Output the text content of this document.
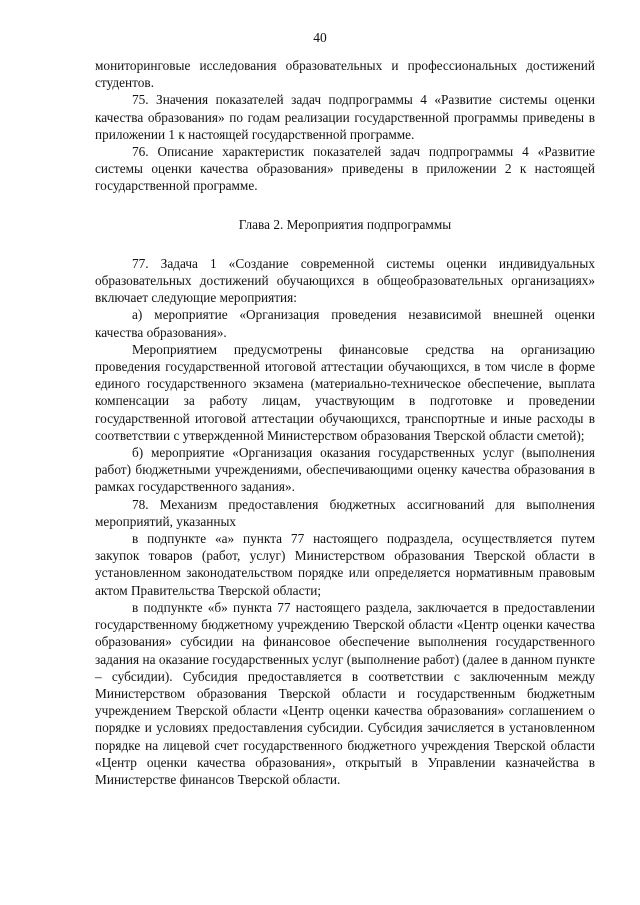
40

мониторинговые исследования образовательных и профессиональных достижений студентов.

75. Значения показателей задач подпрограммы 4 «Развитие системы оценки качества образования» по годам реализации государственной программы приведены в приложении 1 к настоящей государственной программе.

76. Описание характеристик показателей задач подпрограммы 4 «Развитие системы оценки качества образования» приведены в приложении 2 к настоящей государственной программе.

Глава 2. Мероприятия подпрограммы

77. Задача 1 «Создание современной системы оценки индивидуальных образовательных достижений обучающихся в общеобразовательных организациях» включает следующие мероприятия:

а) мероприятие «Организация проведения независимой внешней оценки качества образования».

Мероприятием предусмотрены финансовые средства на организацию проведения государственной итоговой аттестации обучающихся, в том числе в форме единого государственного экзамена (материально-техническое обеспечение, выплата компенсации за работу лицам, участвующим в подготовке и проведении государственной итоговой аттестации обучающихся, транспортные и иные расходы в соответствии с утвержденной Министерством образования Тверской области сметой);

б) мероприятие «Организация оказания государственных услуг (выполнения работ) бюджетными учреждениями, обеспечивающими оценку качества образования в рамках государственного задания».

78. Механизм предоставления бюджетных ассигнований для выполнения мероприятий, указанных

в подпункте «а» пункта 77 настоящего подраздела, осуществляется путем закупок товаров (работ, услуг) Министерством образования Тверской области в установленном законодательством порядке или определяется нормативным правовым актом Правительства Тверской области;

в подпункте «б» пункта 77 настоящего раздела, заключается в предоставлении государственному бюджетному учреждению Тверской области «Центр оценки качества образования» субсидии на финансовое обеспечение выполнения государственного задания на оказание государственных услуг (выполнение работ) (далее в данном пункте – субсидии). Субсидия предоставляется в соответствии с заключенным между Министерством образования Тверской области и государственным бюджетным учреждением Тверской области «Центр оценки качества образования» соглашением о порядке и условиях предоставления субсидии. Субсидия зачисляется в установленном порядке на лицевой счет государственного бюджетного учреждения Тверской области «Центр оценки качества образования», открытый в Управлении казначейства в Министерстве финансов Тверской области.
